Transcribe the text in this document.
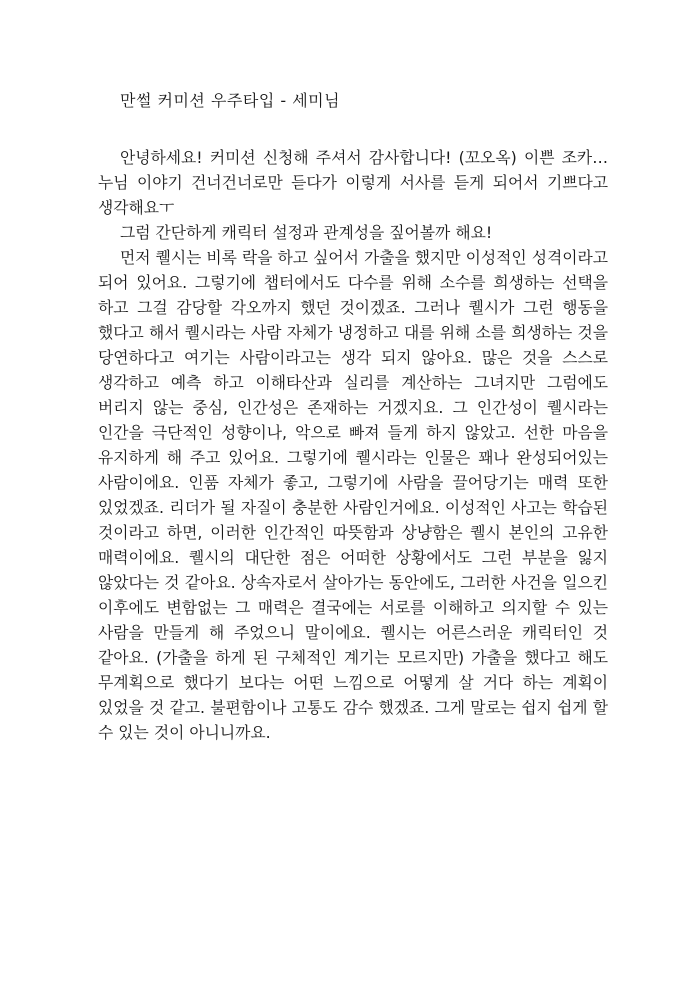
만썰 커미션 우주타입 - 세미님

안녕하세요! 커미션 신청해 주셔서 감사합니다! (꼬오옥) 이쁜 조카… 누님 이야기 건너건너로만 듣다가 이렇게 서사를 듣게 되어서 기쁘다고 생각해요ㅜ

그럼 간단하게 캐릭터 설정과 관계성을 짚어볼까 해요!

먼저 퀠시는 비록 락을 하고 싶어서 가출을 했지만 이성적인 성격이라고 되어 있어요. 그렇기에 챕터에서도 다수를 위해 소수를 희생하는 선택을 하고 그걸 감당할 각오까지 했던 것이겠죠. 그러나 퀠시가 그런 행동을 했다고 해서 퀠시라는 사람 자체가 냉정하고 대를 위해 소를 희생하는 것을 당연하다고 여기는 사람이라고는 생각 되지 않아요. 많은 것을 스스로 생각하고 예측 하고 이해타산과 실리를 계산하는 그녀지만 그럼에도 버리지 않는 중심, 인간성은 존재하는 거겠지요. 그 인간성이 퀠시라는 인간을 극단적인 성향이나, 악으로 빠져 들게 하지 않았고. 선한 마음을 유지하게 해 주고 있어요. 그렇기에 퀠시라는 인물은 꽤나 완성되어있는 사람이에요. 인품 자체가 좋고, 그렇기에 사람을 끌어당기는 매력 또한 있었겠죠. 리더가 될 자질이 충분한 사람인거에요. 이성적인 사고는 학습된 것이라고 하면, 이러한 인간적인 따뜻함과 상냥함은 퀠시 본인의 고유한 매력이에요. 퀠시의 대단한 점은 어떠한 상황에서도 그런 부분을 잃지 않았다는 것 같아요. 상속자로서 살아가는 동안에도, 그러한 사건을 일으킨 이후에도 변함없는 그 매력은 결국에는 서로를 이해하고 의지할 수 있는 사람을 만들게 해 주었으니 말이에요. 퀠시는 어른스러운 캐릭터인 것 같아요. (가출을 하게 된 구체적인 계기는 모르지만) 가출을 했다고 해도 무계획으로 했다기 보다는 어떤 느낌으로 어떻게 살 거다 하는 계획이 있었을 것 같고. 불편함이나 고통도 감수 했겠죠. 그게 말로는 쉽지 쉽게 할 수 있는 것이 아니니까요.
